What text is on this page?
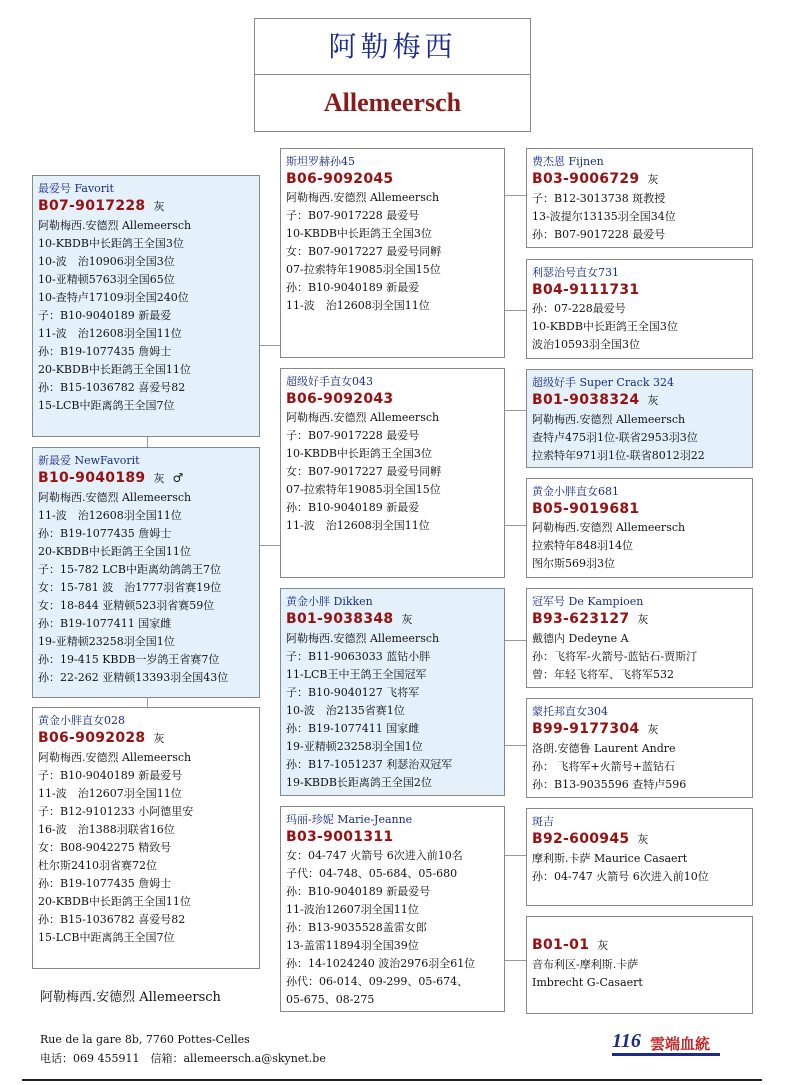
阿勒梅西
Allemeersch
最爱号 Favorit
B07-9017228 灰
阿勒梅西.安德烈 Allemeersch
10-KBDB中长距鸽王全国3位
10-波　治10906羽全国3位
10-亚精顿5763羽全国65位
10-查特卢17109羽全国240位
子：B10-9040189 新最爱
11-波　治12608羽全国11位
孙：B19-1077435 詹姆士
20-KBDB中长距鸽王全国11位
孙：B15-1036782 喜爱号82
15-LCB中距离鸽王全国7位
新最爱 NewFavorit
B10-9040189 灰 ♂
阿勒梅西.安德烈 Allemeersch
11-波　治12608羽全国11位
孙：B19-1077435 詹姆士
20-KBDB中长距鸽王全国11位
子：15-782 LCB中距离幼鸽鸽王7位
女：15-781 波　治1777羽省赛19位
女：18-844 亚精顿523羽省赛59位
孙：B19-1077411 国家雌
19-亚精顿23258羽全国1位
孙：19-415 KBDB一岁鸽王省赛7位
孙：22-262 亚精顿13393羽全国43位
黄金小胖直女028
B06-9092028 灰
阿勒梅西.安德烈 Allemeersch
子：B10-9040189 新最爱号
11-波　治12607羽全国11位
子：B12-9101233 小阿德里安
16-波　治1388羽联省16位
女：B08-9042275 精致号
杜尔斯2410羽省赛72位
孙：B19-1077435 詹姆士
20-KBDB中长距鸽王全国11位
孙：B15-1036782 喜爱号82
15-LCB中距离鸽王全国7位
斯坦罗赫孙45
B06-9092045
阿勒梅西.安德烈 Allemeersch
子：B07-9017228 最爱号
10-KBDB中长距鸽王全国3位
女：B07-9017227 最爱号同孵
07-拉索特年19085羽全国15位
孙：B10-9040189 新最爱
11-波　治12608羽全国11位
超级好手直女043
B06-9092043
阿勒梅西.安德烈 Allemeersch
子：B07-9017228 最爱号
10-KBDB中长距鸽王全国3位
女：B07-9017227 最爱号同孵
07-拉索特年19085羽全国15位
孙：B10-9040189 新最爱
11-波　治12608羽全国11位
黄金小胖 Dikken
B01-9038348 灰
阿勒梅西.安德烈 Allemeersch
子：B11-9063033 蓝钻小胖
11-LCB王中王鸽王全国冠军
子：B10-9040127 飞将军
10-波　治2135省赛1位
孙：B19-1077411 国家雌
19-亚精顿23258羽全国1位
孙：B17-1051237 利瑟治双冠军
19-KBDB长距离鸽王全国2位
玛丽-珍妮 Marie-Jeanne
B03-9001311
女：04-747 火箭号 6次进入前10名
子代：04-748、05-684、05-680
孙：B10-9040189 新最爱号
11-波治12607羽全国11位
孙：B13-9035528盖雷女郎
13-盖雷11894羽全国39位
孙：14-1024240 波治2976羽全61位
孙代：06-014、09-299、05-674、
05-675、08-275
费杰恩 Fijnen
B03-9006729 灰
子：B12-3013738 斑教授
13-波提尔13135羽全国34位
孙：B07-9017228 最爱号
利瑟治号直女731
B04-9111731
孙：07-228最爱号
10-KBDB中长距鸽王全国3位
波治10593羽全国3位
超级好手 Super Crack 324
B01-9038324 灰
阿勒梅西.安德烈 Allemeersch
查特卢475羽1位-联省2953羽3位
拉索特年971羽1位-联省8012羽22
黄金小胖直女681
B05-9019681
阿勒梅西.安德烈 Allemeersch
拉索特年848羽14位
图尔斯569羽3位
冠军号 De Kampioen
B93-623127 灰
戴德内 Dedeyne A
孙：飞将军-火箭号-蓝钻石-贾斯汀
曾：年轻飞将军、飞将军532
蒙托邦直女304
B99-9177304 灰
洛朗.安德鲁 Laurent Andre
孙： 飞将军+火箭号+蓝钻石
孙：B13-9035596 查特卢596
斑吉
B92-600945 灰
摩利斯.卡萨 Maurice Casaert
孙：04-747 火箭号 6次进入前10位
B01-01 灰
音布利区-摩利斯.卡萨
Imbrecht G-Casaert
阿勒梅西.安德烈 Allemeersch
Rue de la gare 8b, 7760 Pottes-Celles
电话：069 455911　信箱：allemeersch.a@skynet.be
116 雲端血統
